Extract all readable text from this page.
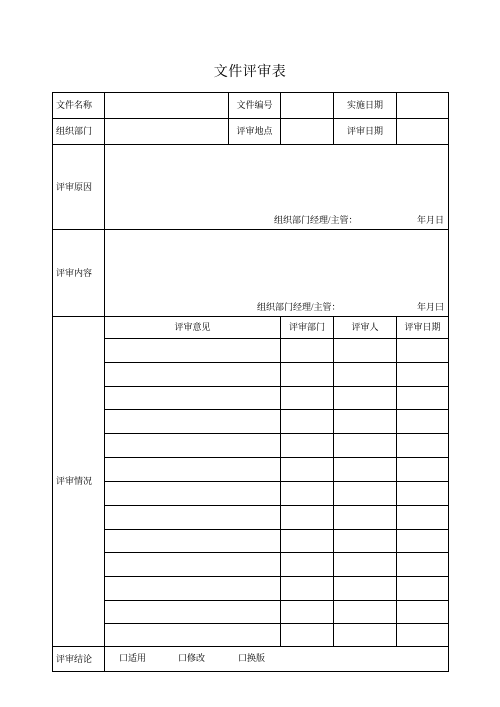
文件评审表
文件名称		文件编号		实施日期	
组织部门		评审地点		评审日期	
评审原因	组织部门经理/主管： 年月日				

评审内容	组织部门经理/主管： 年月曰				

评审情况	评审意见		评审部门	评审人	评审日期

评审结论	口适用 口修改 口换版				
